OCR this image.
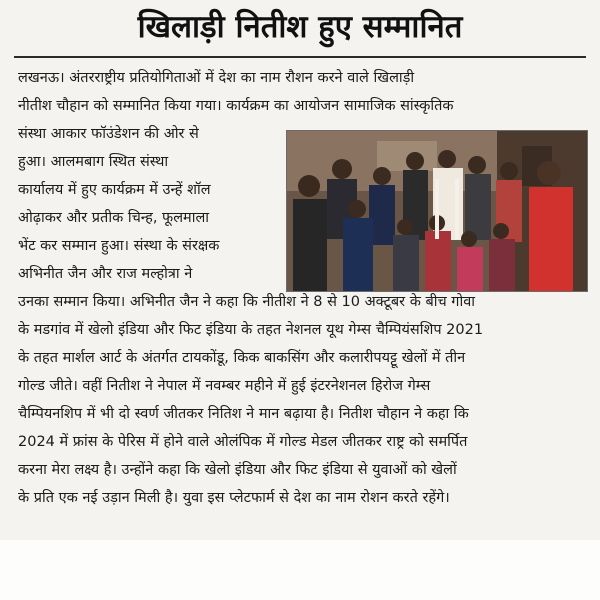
खिलाड़ी नितीश हुए सम्मानित
लखनऊ। अंतरराष्ट्रीय प्रतियोगिताओं में देश का नाम रौशन करने वाले खिलाड़ी
नीतीश चौहान को सम्मानित किया गया। कार्यक्रम का आयोजन सामाजिक सांस्कृतिक
संस्था आकार फॉउंडेशन की ओर से
हुआ। आलमबाग स्थित संस्था
कार्यालय में हुए कार्यक्रम में उन्हें शॉल
ओढ़ाकर और प्रतीक चिन्ह, फूलमाला
भेंट कर सम्मान हुआ। संस्था के संरक्षक
अभिनीत जैन और राज मल्होत्रा ने
उनका सम्मान किया। अभिनीत जैन ने कहा कि नीतीश ने 8 से 10 अक्टूबर के बीच गोवा
के मडगांव में खेलो इंडिया और फिट इंडिया के तहत नेशनल यूथ गेम्स चैम्पियंसशिप 2021
के तहत मार्शल आर्ट के अंतर्गत टायकोंडू, किक बाकसिंग और कलारीपयट्टू खेलों में तीन
गोल्ड जीते। वहीं नितीश ने नेपाल में नवम्बर महीने में हुई इंटरनेशनल हिरोज गेम्स
चैम्पियनशिप में भी दो स्वर्ण जीतकर नितिश ने मान बढ़ाया है। नितीश चौहान ने कहा कि
2024 में फ्रांस के पेरिस में होने वाले ओलंपिक में गोल्ड मेडल जीतकर राष्ट्र को समर्पित
करना मेरा लक्ष्य है। उन्होंने कहा कि खेलो इंडिया और फिट इंडिया से युवाओं को खेलों
के प्रति एक नई उड़ान मिली है। युवा इस प्लेटफार्म से देश का नाम रोशन करते रहेंगे।
